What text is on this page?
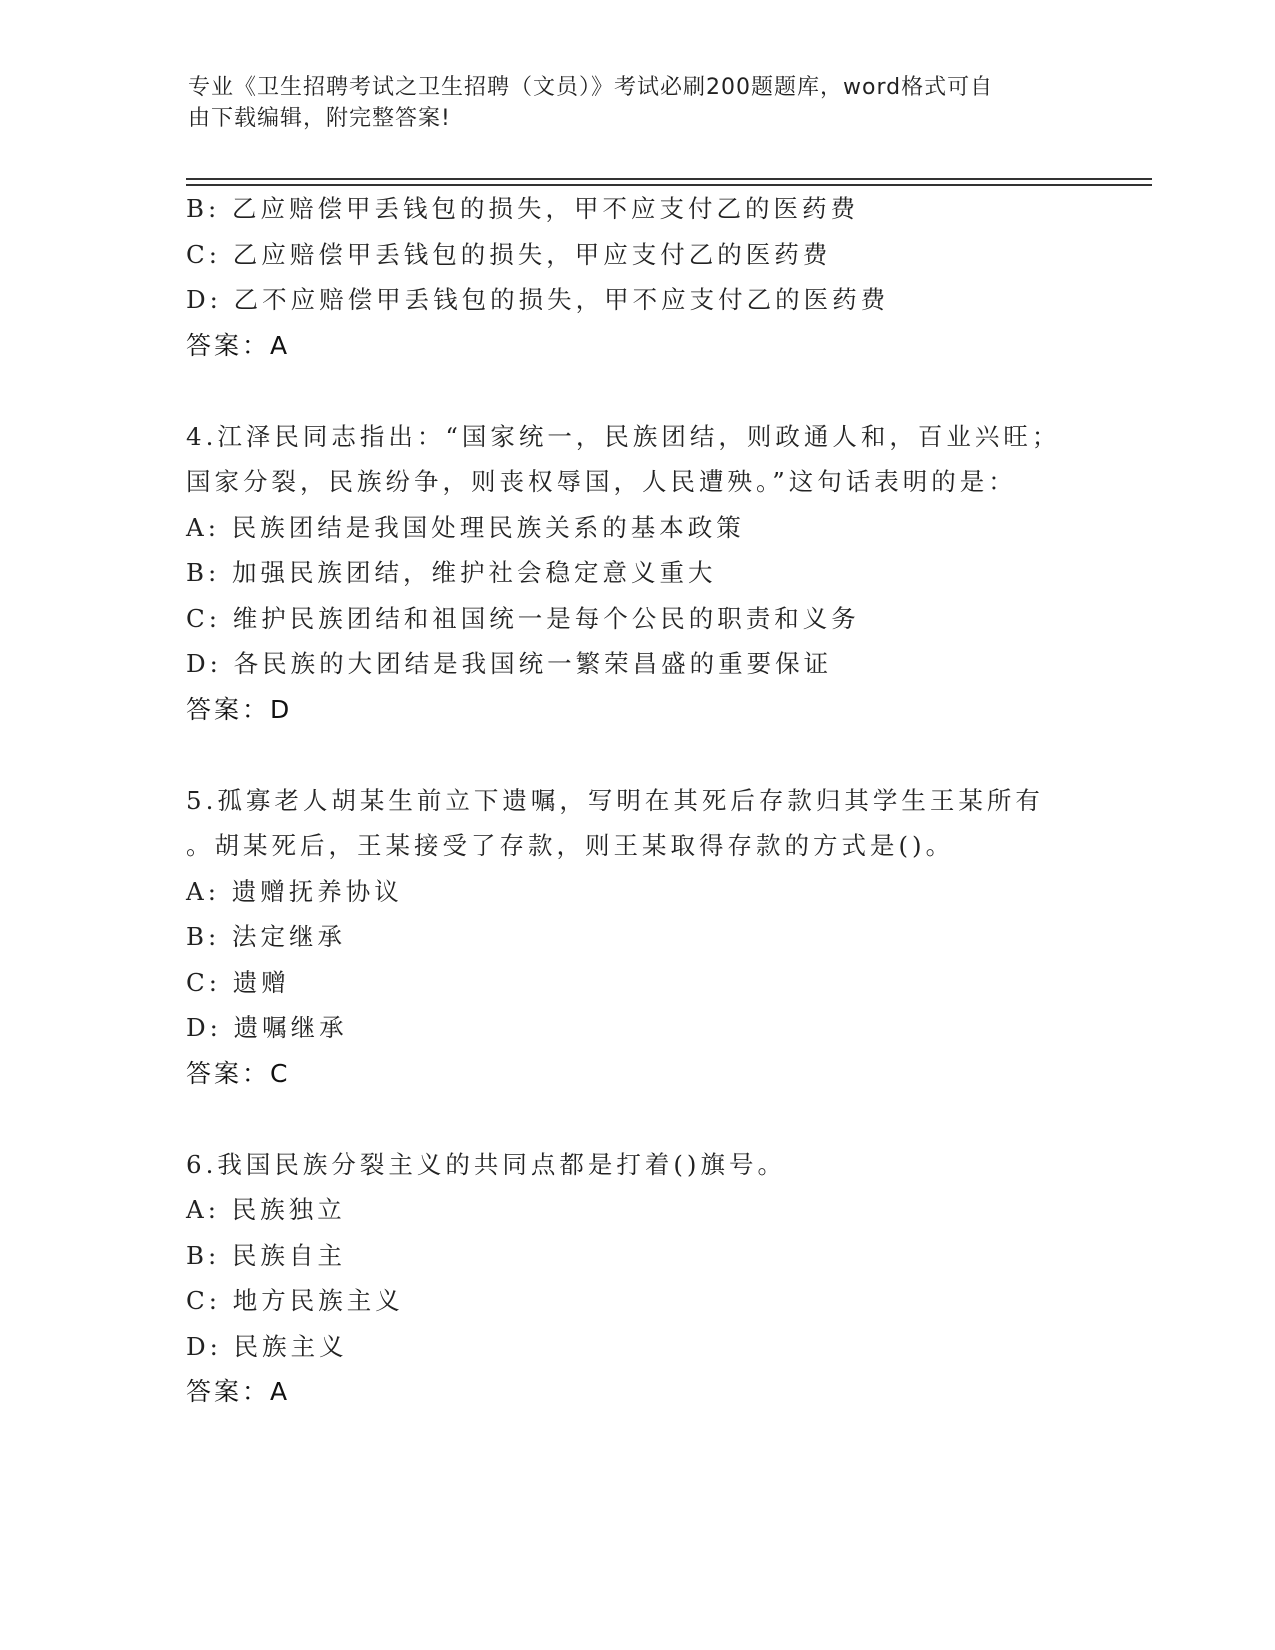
专业《卫生招聘考试之卫生招聘（文员）》考试必刷200题题库，word格式可自
由下载编辑，附完整答案!
B: 乙应赔偿甲丢钱包的损失，甲不应支付乙的医药费
C: 乙应赔偿甲丢钱包的损失，甲应支付乙的医药费
D: 乙不应赔偿甲丢钱包的损失，甲不应支付乙的医药费
答案：A
4.江泽民同志指出：“国家统一，民族团结，则政通人和，百业兴旺；
国家分裂，民族纷争，则丧权辱国，人民遭殃。”这句话表明的是：
A: 民族团结是我国处理民族关系的基本政策
B: 加强民族团结，维护社会稳定意义重大
C: 维护民族团结和祖国统一是每个公民的职责和义务
D: 各民族的大团结是我国统一繁荣昌盛的重要保证
答案：D
5.孤寡老人胡某生前立下遗嘱，写明在其死后存款归其学生王某所有
。胡某死后，王某接受了存款，则王某取得存款的方式是()。
A: 遗赠抚养协议
B: 法定继承
C: 遗赠
D: 遗嘱继承
答案：C
6.我国民族分裂主义的共同点都是打着()旗号。
A: 民族独立
B: 民族自主
C: 地方民族主义
D: 民族主义
答案：A
